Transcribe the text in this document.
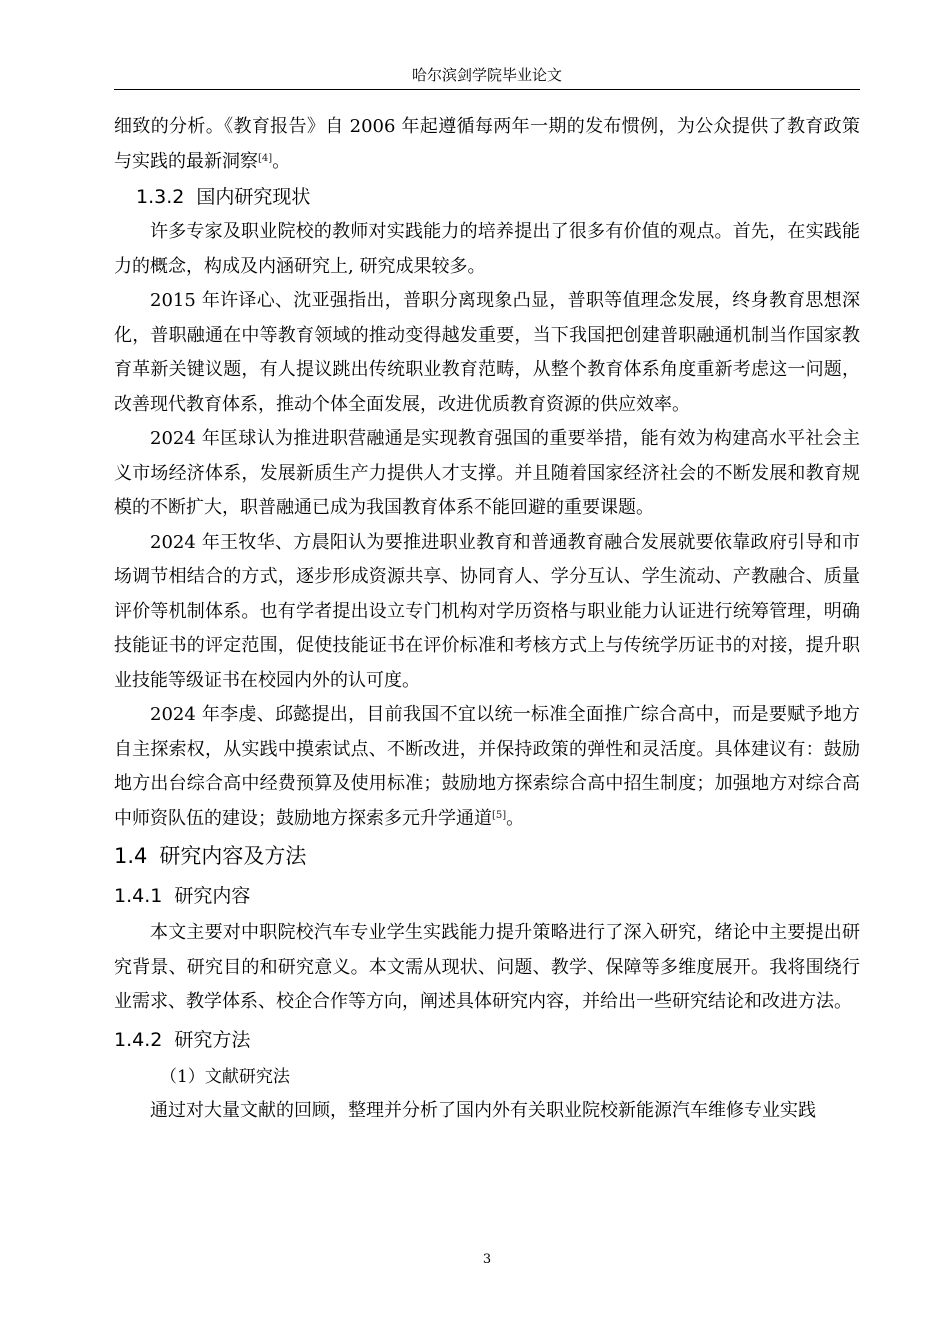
哈尔滨剑学院毕业论文

细致的分析。《教育报告》自 2006 年起遵循每两年一期的发布惯例，为公众提供了教育政策与实践的最新洞察[4]。

1.3.2 国内研究现状

许多专家及职业院校的教师对实践能力的培养提出了很多有价值的观点。首先，在实践能力的概念，构成及内涵研究上, 研究成果较多。

2015 年许译心、沈亚强指出，普职分离现象凸显，普职等值理念发展，终身教育思想深化，普职融通在中等教育领域的推动变得越发重要，当下我国把创建普职融通机制当作国家教育革新关键议题，有人提议跳出传统职业教育范畴，从整个教育体系角度重新考虑这一问题，改善现代教育体系，推动个体全面发展，改进优质教育资源的供应效率。

2024 年匡球认为推进职营融通是实现教育强国的重要举措，能有效为构建高水平社会主义市场经济体系，发展新质生产力提供人才支撑。并且随着国家经济社会的不断发展和教育规模的不断扩大，职普融通已成为我国教育体系不能回避的重要课题。

2024 年王牧华、方晨阳认为要推进职业教育和普通教育融合发展就要依靠政府引导和市场调节相结合的方式，逐步形成资源共享、协同育人、学分互认、学生流动、产教融合、质量评价等机制体系。也有学者提出设立专门机构对学历资格与职业能力认证进行统筹管理，明确技能证书的评定范围，促使技能证书在评价标准和考核方式上与传统学历证书的对接，提升职业技能等级证书在校园内外的认可度。

2024 年李虔、邱懿提出，目前我国不宜以统一标准全面推广综合高中，而是要赋予地方自主探索权，从实践中摸索试点、不断改进，并保持政策的弹性和灵活度。具体建议有：鼓励地方出台综合高中经费预算及使用标准；鼓励地方探索综合高中招生制度；加强地方对综合高中师资队伍的建设；鼓励地方探索多元升学通道[5]。

1.4 研究内容及方法
1.4.1 研究内容

本文主要对中职院校汽车专业学生实践能力提升策略进行了深入研究，绪论中主要提出研究背景、研究目的和研究意义。本文需从现状、问题、教学、保障等多维度展开。我将围绕行业需求、教学体系、校企合作等方向，阐述具体研究内容，并给出一些研究结论和改进方法。

1.4.2 研究方法
（1）文献研究法

通过对大量文献的回顾，整理并分析了国内外有关职业院校新能源汽车维修专业实践

3
